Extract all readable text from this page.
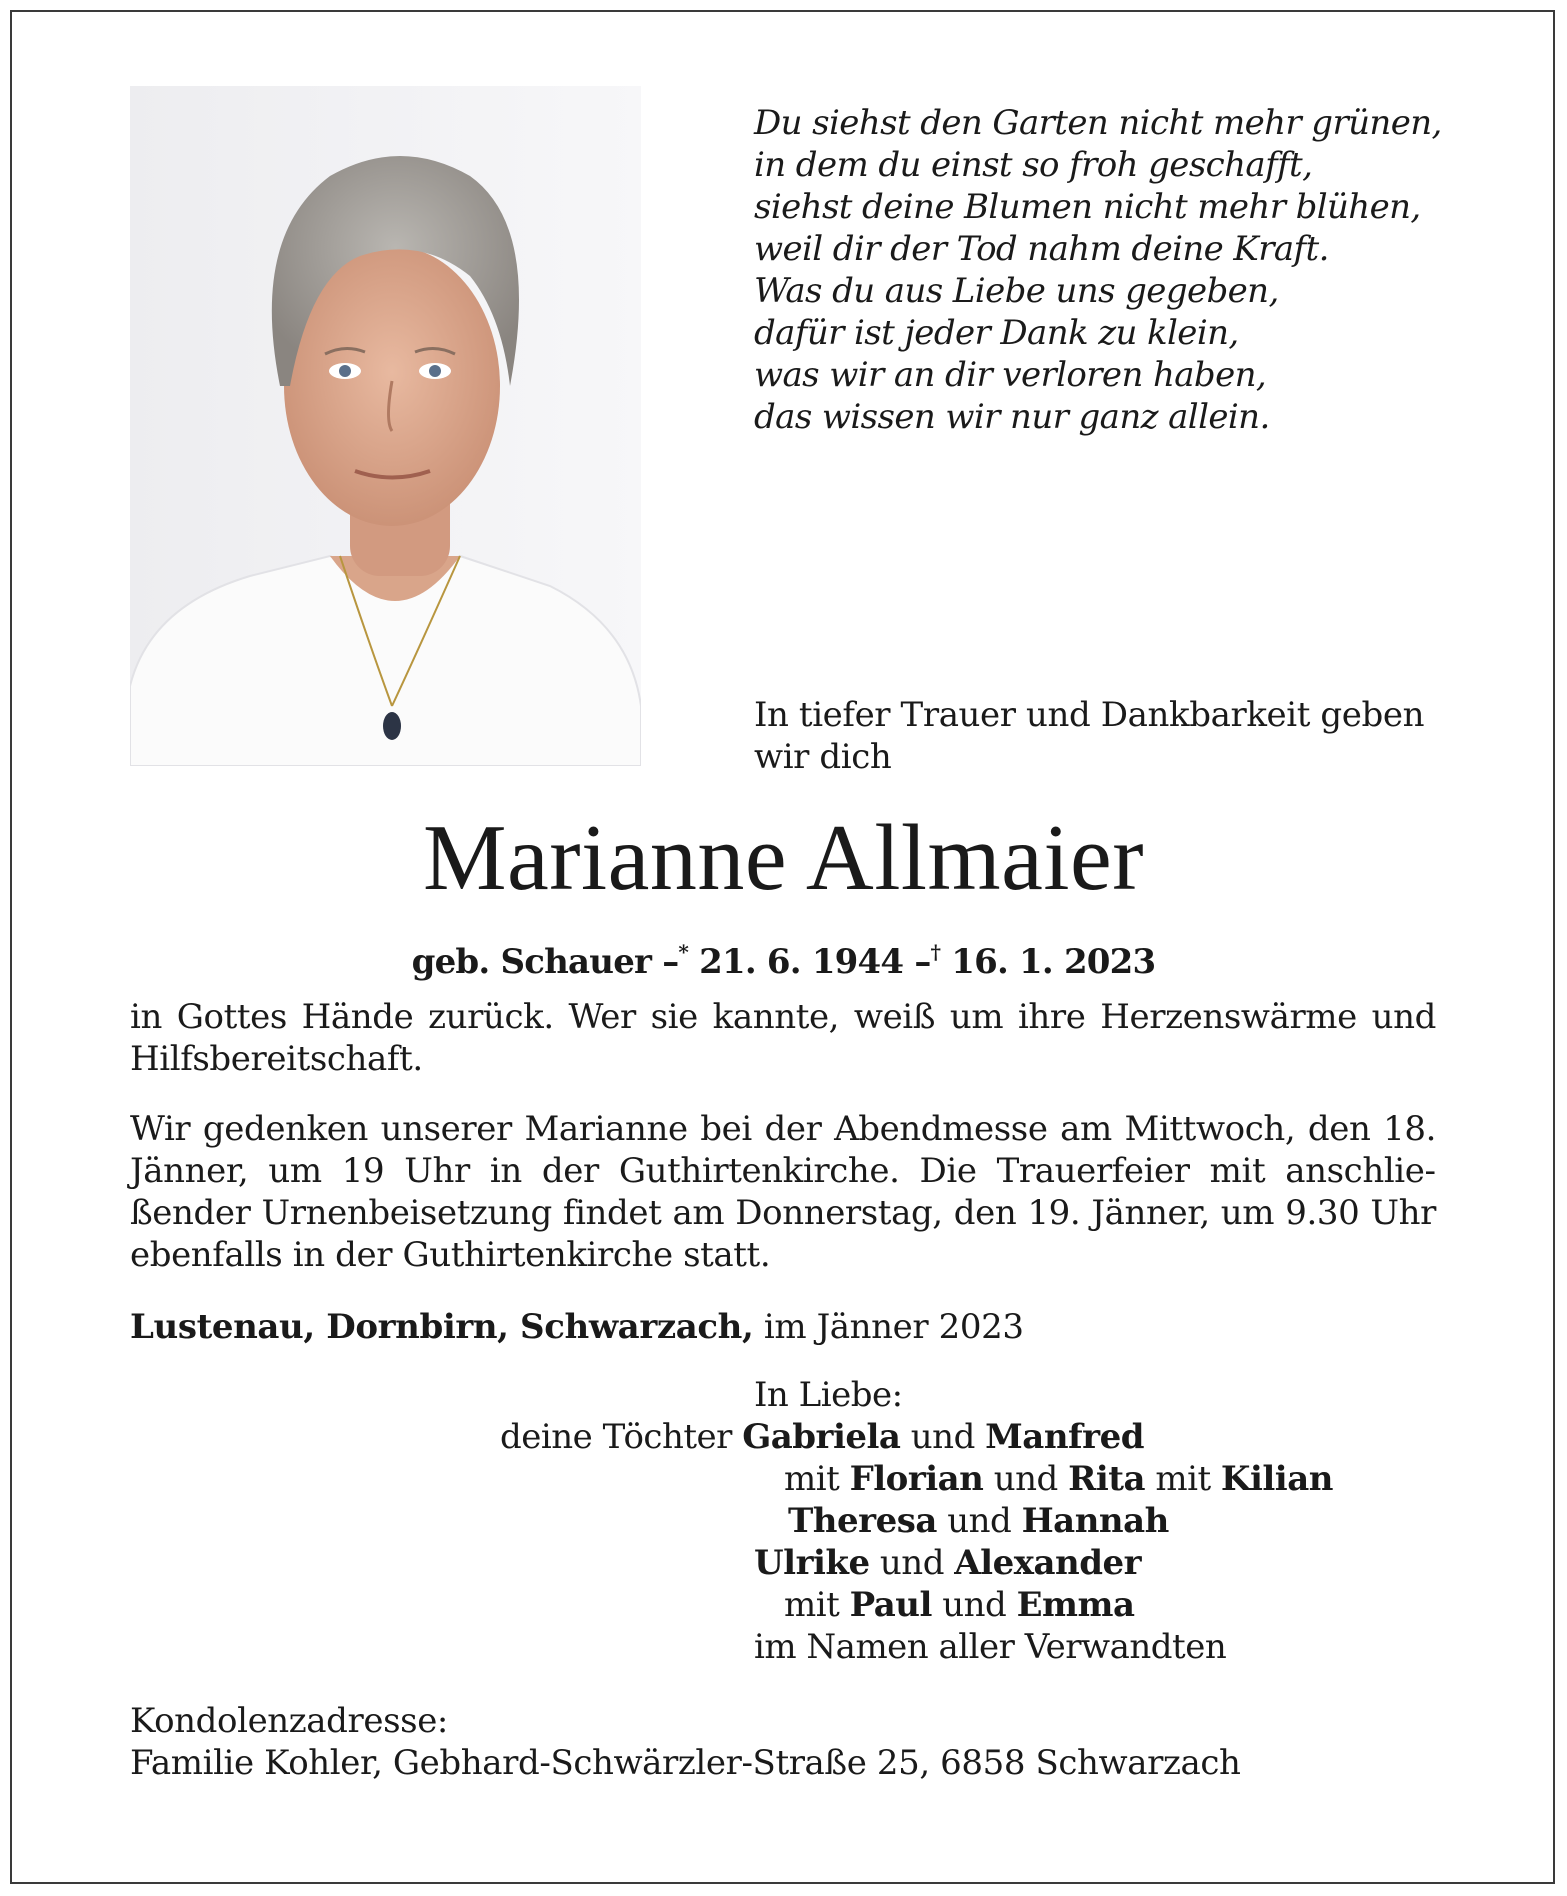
Du siehst den Garten nicht mehr grünen,
in dem du einst so froh geschafft,
siehst deine Blumen nicht mehr blühen,
weil dir der Tod nahm deine Kraft.
Was du aus Liebe uns gegeben,
dafür ist jeder Dank zu klein,
was wir an dir verloren haben,
das wissen wir nur ganz allein.
In tiefer Trauer und Dankbarkeit geben
wir dich
Marianne Allmaier
geb. Schauer –* 21. 6. 1944 –† 16. 1. 2023
in Gottes Hände zurück. Wer sie kannte, weiß um ihre Herzenswärme und Hilfsbereitschaft.
Wir gedenken unserer Marianne bei der Abendmesse am Mittwoch, den 18. Jänner, um 19 Uhr in der Guthirtenkirche. Die Trauerfeier mit anschließender Urnenbeisetzung findet am Donnerstag, den 19. Jänner, um 9.30 Uhr ebenfalls in der Guthirtenkirche statt.
Lustenau, Dornbirn, Schwarzach, im Jänner 2023
In Liebe:
deine Töchter Gabriela und Manfred
mit Florian und Rita mit Kilian
Theresa und Hannah
Ulrike und Alexander
mit Paul und Emma
im Namen aller Verwandten
Kondolenzadresse:
Familie Kohler, Gebhard-Schwärzler-Straße 25, 6858 Schwarzach
